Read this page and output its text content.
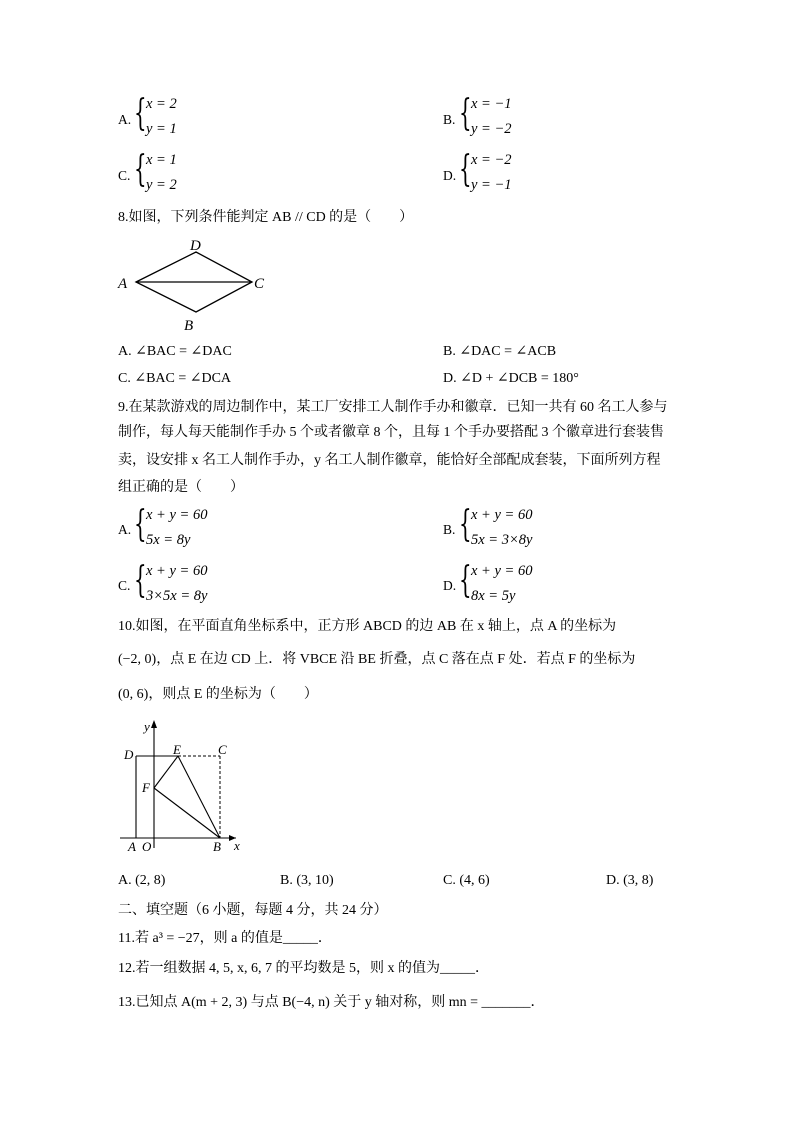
A. { x = 2
y = 1
B. { x = −1
y = −2
C. { x = 1
y = 2
D. { x = −2
y = −1
8.如图，下列条件能判定 AB // CD 的是（　　）
A
D
C
B
A. ∠BAC = ∠DAC	B. ∠DAC = ∠ACB
C. ∠BAC = ∠DCA	D. ∠D + ∠DCB = 180°
9.在某款游戏的周边制作中，某工厂安排工人制作手办和徽章．已知一共有 60 名工人参与
制作，每人每天能制作手办 5 个或者徽章 8 个，且每 1 个手办要搭配 3 个徽章进行套装售
卖，设安排 x 名工人制作手办，y 名工人制作徽章，能恰好全部配成套装，下面所列方程
组正确的是（　　）
A. { x + y = 60
5x = 8y
B. { x + y = 60
5x = 3×8y
C. { x + y = 60
3×5x = 8y
D. { x + y = 60
8x = 5y
10.如图，在平面直角坐标系中，正方形 ABCD 的边 AB 在 x 轴上，点 A 的坐标为
(−2, 0)，点 E 在边 CD 上．将 VBCE 沿 BE 折叠，点 C 落在点 F 处．若点 F 的坐标为
(0, 6)，则点 E 的坐标为（　　）
y
x
D	E	C
F
A O	B
A. (2, 8)	B. (3, 10)	C. (4, 6)	D. (3, 8)
二、填空题（6 小题，每题 4 分，共 24 分）
11.若 a³ = −27，则 a 的值是_____．
12.若一组数据 4, 5, x, 6, 7 的平均数是 5，则 x 的值为_____．
13.已知点 A(m + 2, 3) 与点 B(−4, n) 关于 y 轴对称，则 mn = _______．
